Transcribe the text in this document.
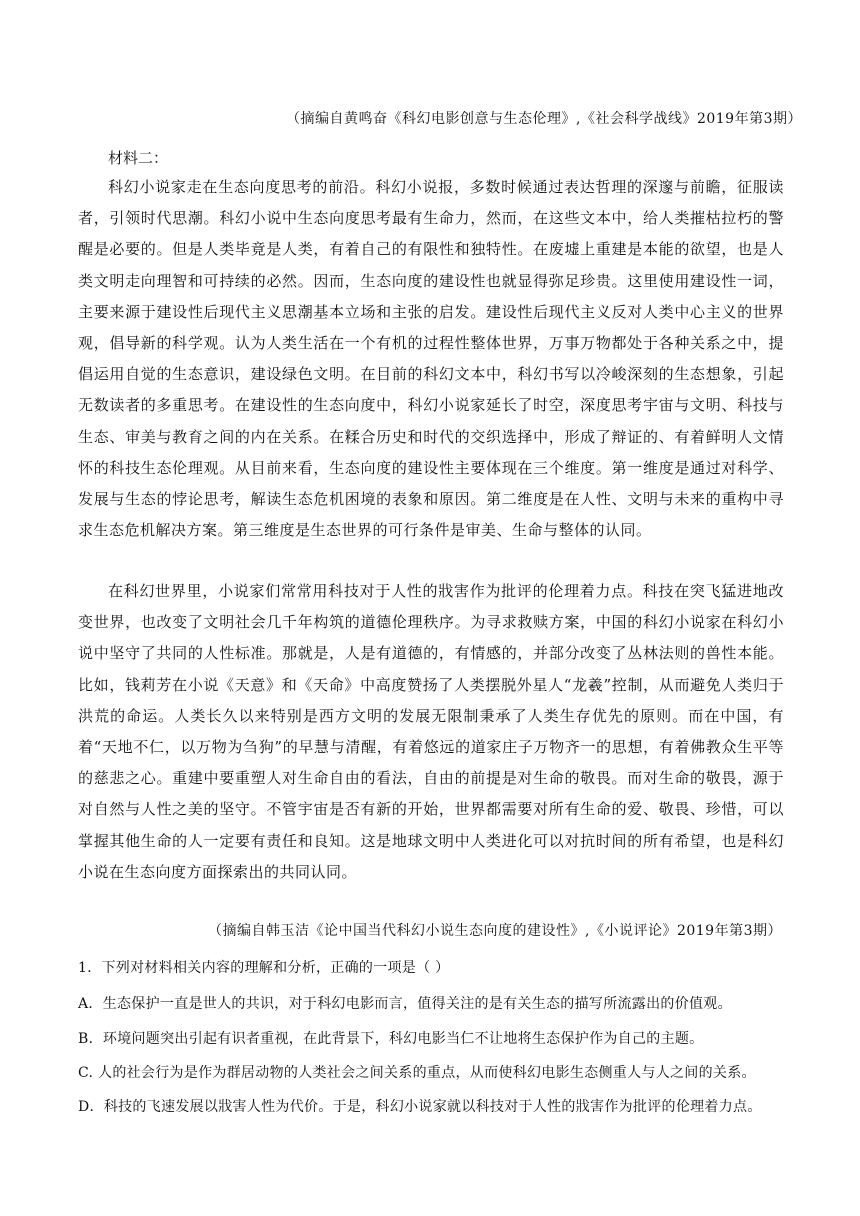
（摘编自黄鸣奋《科幻电影创意与生态伦理》,《社会科学战线》2019年第3期）
材料二：

科幻小说家走在生态向度思考的前沿。科幻小说报，多数时候通过表达哲理的深邃与前瞻，征服读者，引领时代思潮。科幻小说中生态向度思考最有生命力，然而，在这些文本中，给人类摧枯拉朽的警醒是必要的。但是人类毕竟是人类，有着自己的有限性和独特性。在废墟上重建是本能的欲望，也是人类文明走向理智和可持续的必然。因而，生态向度的建设性也就显得弥足珍贵。这里使用建设性一词，主要来源于建设性后现代主义思潮基本立场和主张的启发。建设性后现代主义反对人类中心主义的世界观，倡导新的科学观。认为人类生活在一个有机的过程性整体世界，万事万物都处于各种关系之中，提倡运用自觉的生态意识，建设绿色文明。在目前的科幻文本中，科幻书写以冷峻深刻的生态想象，引起无数读者的多重思考。在建设性的生态向度中，科幻小说家延长了时空，深度思考宇宙与文明、科技与生态、审美与教育之间的内在关系。在糅合历史和时代的交织选择中，形成了辩证的、有着鲜明人文情怀的科技生态伦理观。从目前来看，生态向度的建设性主要体现在三个维度。第一维度是通过对科学、发展与生态的悖论思考，解读生态危机困境的表象和原因。第二维度是在人性、文明与未来的重构中寻求生态危机解决方案。第三维度是生态世界的可行条件是审美、生命与整体的认同。

在科幻世界里，小说家们常常用科技对于人性的戕害作为批评的伦理着力点。科技在突飞猛进地改变世界，也改变了文明社会几千年构筑的道德伦理秩序。为寻求救赎方案，中国的科幻小说家在科幻小说中坚守了共同的人性标准。那就是，人是有道德的，有情感的，并部分改变了丛林法则的兽性本能。比如，钱莉芳在小说《天意》和《天命》中高度赞扬了人类摆脱外星人“龙羲”控制，从而避免人类归于洪荒的命运。人类长久以来特别是西方文明的发展无限制秉承了人类生存优先的原则。而在中国，有着“天地不仁，以万物为刍狗”的早慧与清醒，有着悠远的道家庄子万物齐一的思想，有着佛教众生平等的慈悲之心。重建中要重塑人对生命自由的看法，自由的前提是对生命的敬畏。而对生命的敬畏，源于对自然与人性之美的坚守。不管宇宙是否有新的开始，世界都需要对所有生命的爱、敬畏、珍惜，可以掌握其他生命的人一定要有责任和良知。这是地球文明中人类进化可以对抗时间的所有希望，也是科幻小说在生态向度方面探索出的共同认同。

（摘编自韩玉洁《论中国当代科幻小说生态向度的建设性》,《小说评论》2019年第3期）
1．下列对材料相关内容的理解和分析，正确的一项是（ ）
A．生态保护一直是世人的共识，对于科幻电影而言，值得关注的是有关生态的描写所流露出的价值观。
B．环境问题突出引起有识者重视，在此背景下，科幻电影当仁不让地将生态保护作为自己的主题。
C. 人的社会行为是作为群居动物的人类社会之间关系的重点，从而使科幻电影生态侧重人与人之间的关系。
D．科技的飞速发展以戕害人性为代价。于是，科幻小说家就以科技对于人性的戕害作为批评的伦理着力点。
